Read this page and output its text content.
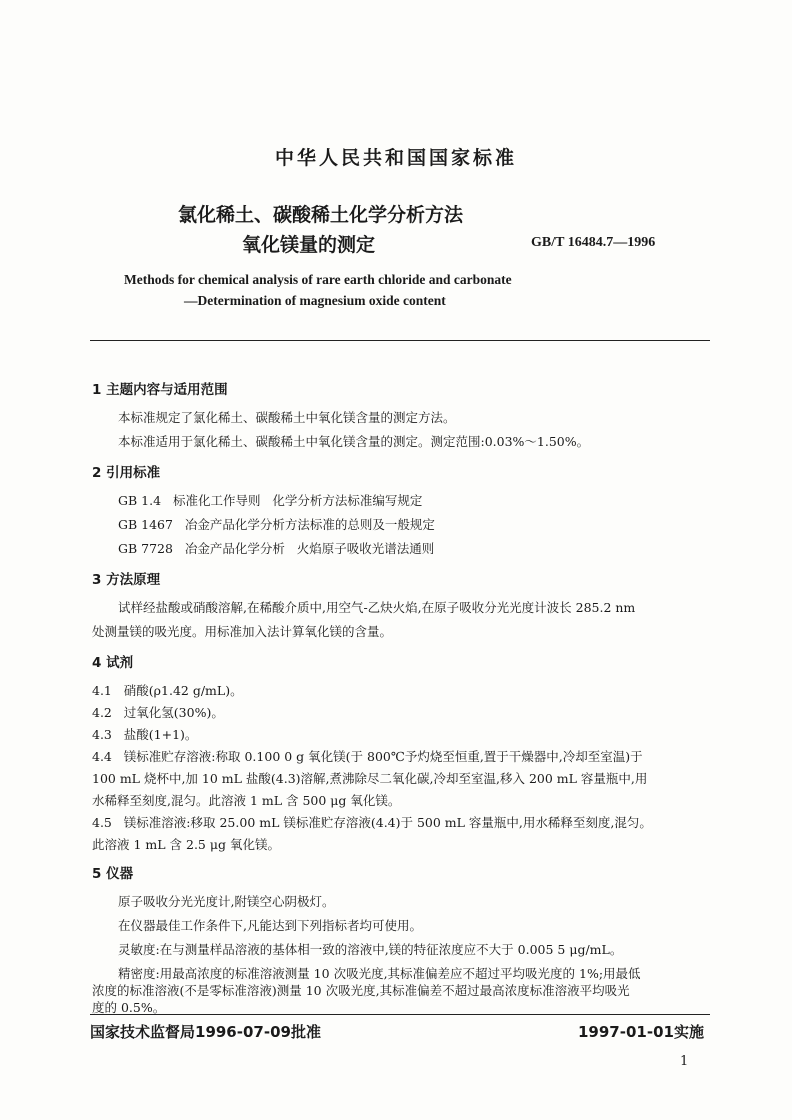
中华人民共和国国家标准
氯化稀土、碳酸稀土化学分析方法
氧化镁量的测定	GB/T 16484.7—1996
Methods for chemical analysis of rare earth chloride and carbonate
—Determination of magnesium oxide content
1 主题内容与适用范围
本标准规定了氯化稀土、碳酸稀土中氧化镁含量的测定方法。
本标准适用于氯化稀土、碳酸稀土中氧化镁含量的测定。测定范围:0.03%～1.50%。
2 引用标准
GB 1.4   标准化工作导则   化学分析方法标准编写规定
GB 1467   冶金产品化学分析方法标准的总则及一般规定
GB 7728   冶金产品化学分析   火焰原子吸收光谱法通则
3 方法原理
试样经盐酸或硝酸溶解,在稀酸介质中,用空气-乙炔火焰,在原子吸收分光光度计波长 285.2 nm
处测量镁的吸光度。用标准加入法计算氧化镁的含量。
4 试剂
4.1   硝酸(ρ1.42 g/mL)。
4.2   过氧化氢(30%)。
4.3   盐酸(1+1)。
4.4   镁标准贮存溶液:称取 0.100 0 g 氧化镁(于 800℃予灼烧至恒重,置于干燥器中,冷却至室温)于
100 mL 烧杯中,加 10 mL 盐酸(4.3)溶解,煮沸除尽二氧化碳,冷却至室温,移入 200 mL 容量瓶中,用
水稀释至刻度,混匀。此溶液 1 mL 含 500 μg 氧化镁。
4.5   镁标准溶液:移取 25.00 mL 镁标准贮存溶液(4.4)于 500 mL 容量瓶中,用水稀释至刻度,混匀。
此溶液 1 mL 含 2.5 μg 氧化镁。
5 仪器
原子吸收分光光度计,附镁空心阴极灯。
在仪器最佳工作条件下,凡能达到下列指标者均可使用。
灵敏度:在与测量样品溶液的基体相一致的溶液中,镁的特征浓度应不大于 0.005 5 μg/mL。
精密度:用最高浓度的标准溶液测量 10 次吸光度,其标准偏差应不超过平均吸光度的 1%;用最低
浓度的标准溶液(不是零标准溶液)测量 10 次吸光度,其标准偏差不超过最高浓度标准溶液平均吸光
度的 0.5%。
国家技术监督局1996-07-09批准	1997-01-01实施
1
